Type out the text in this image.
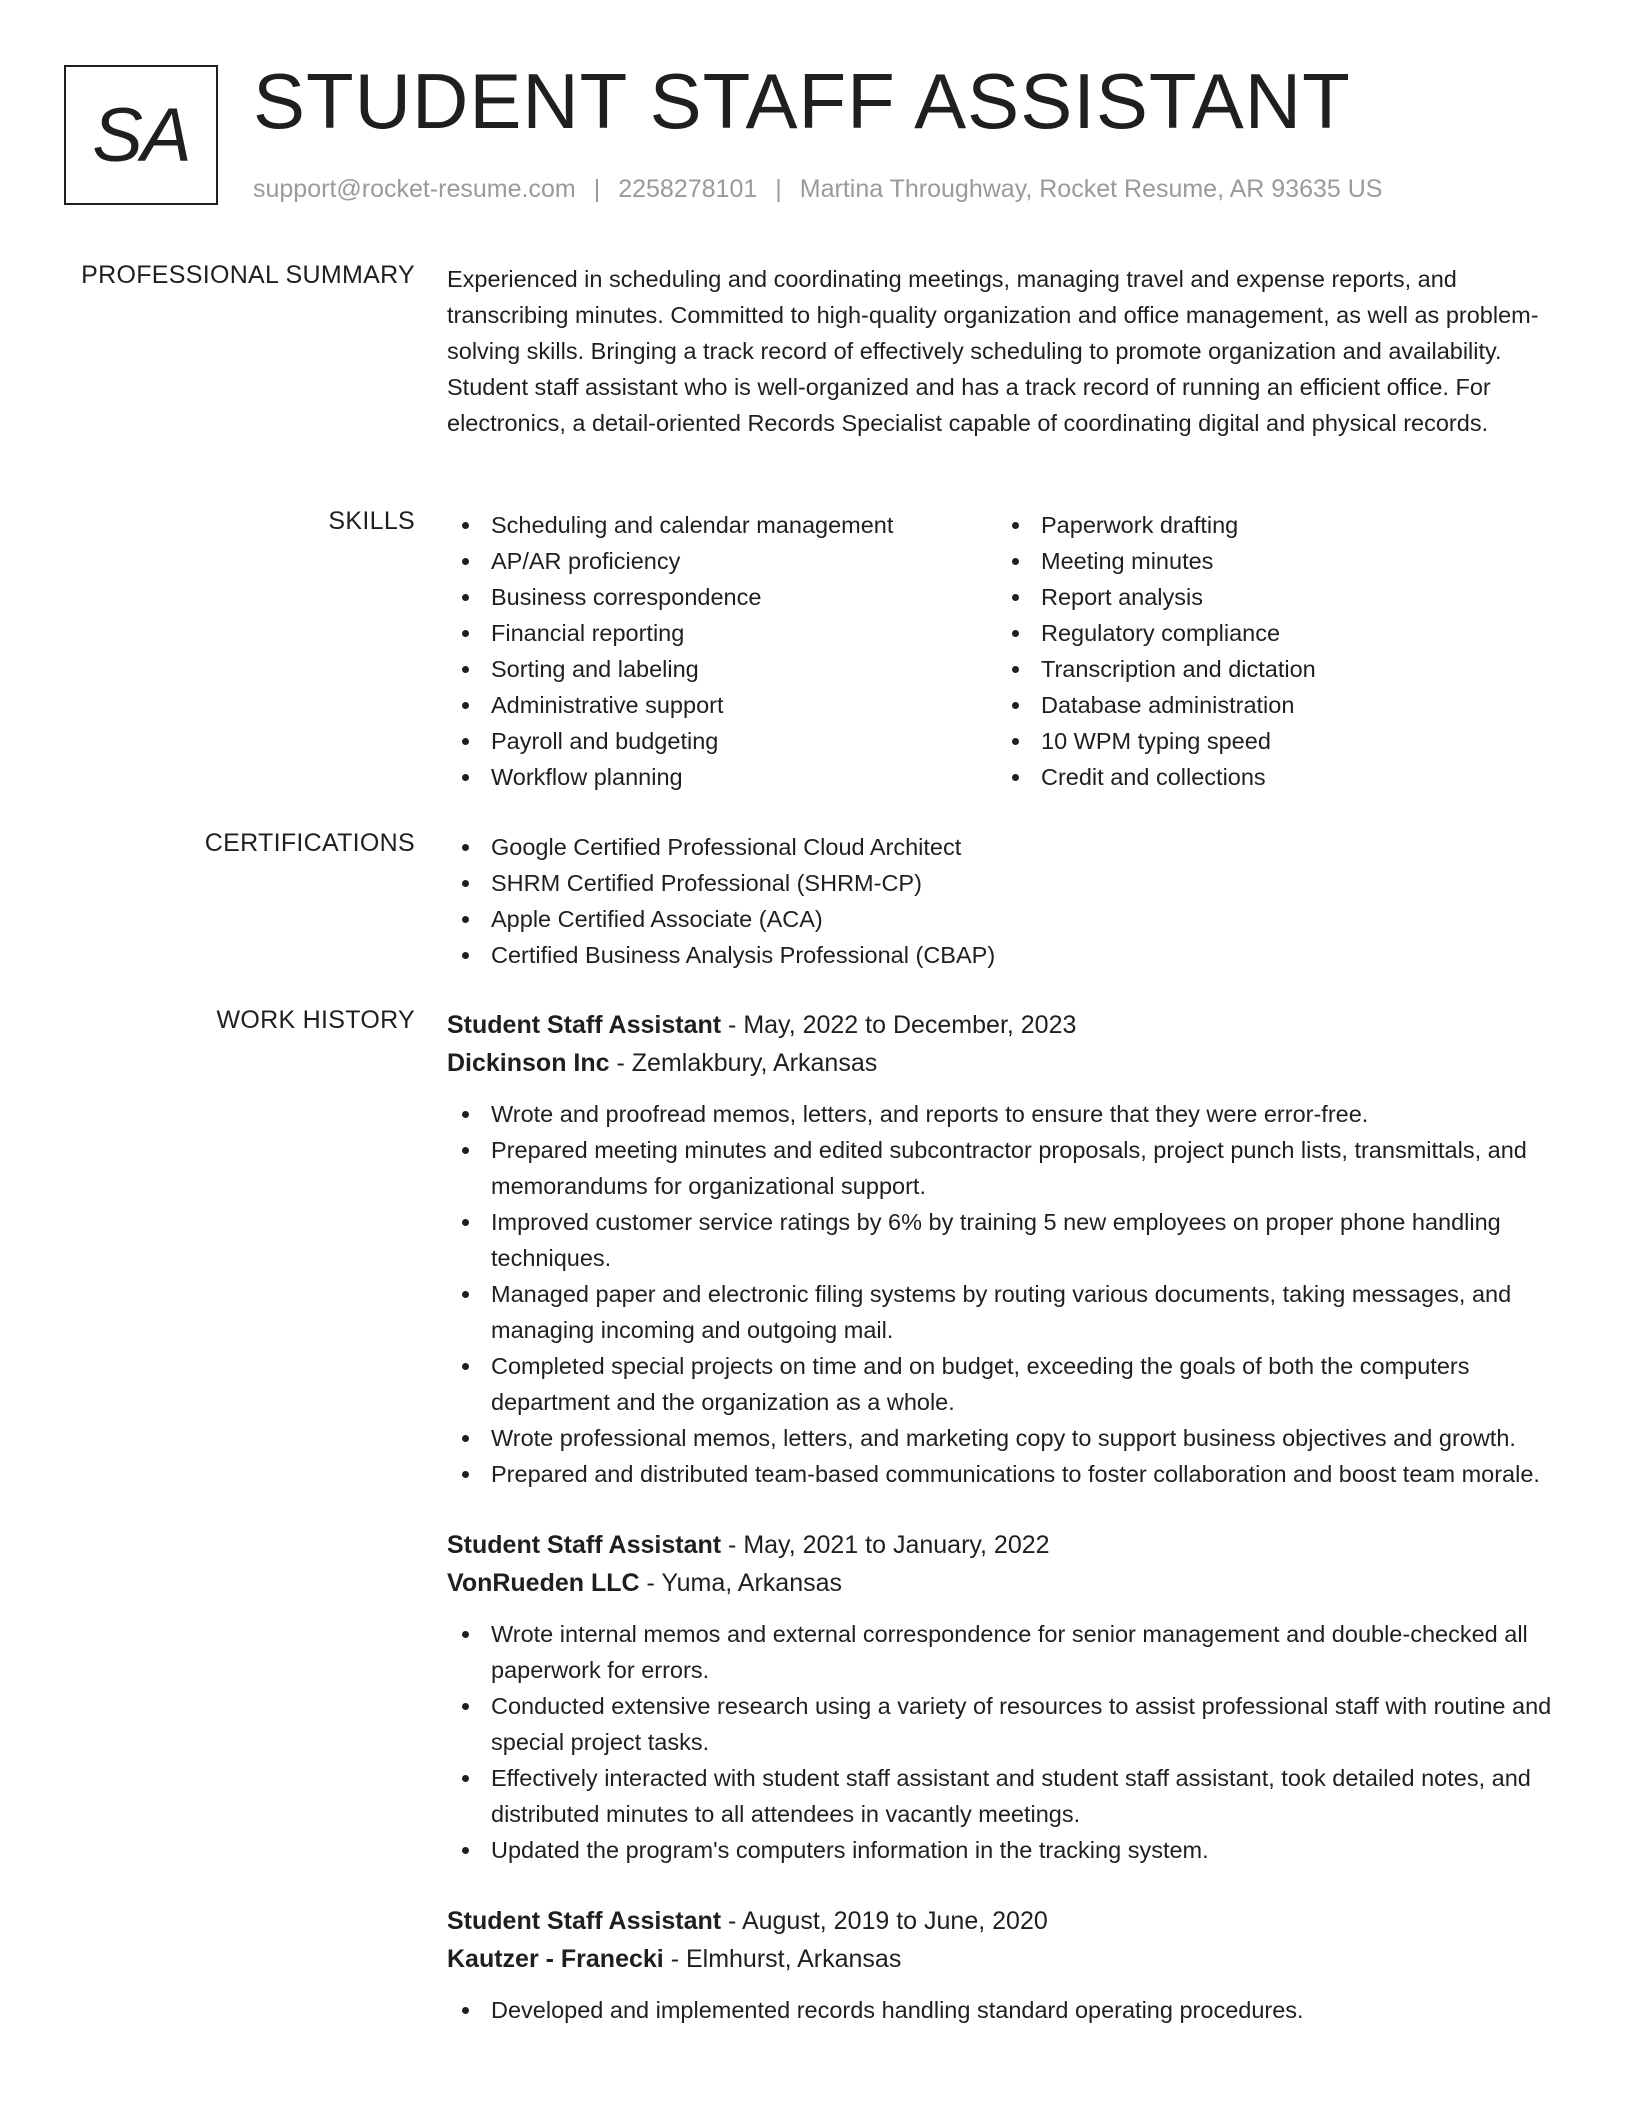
SA STUDENT STAFF ASSISTANT
support@rocket-resume.com | 2258278101 | Martina Throughway, Rocket Resume, AR 93635 US
PROFESSIONAL SUMMARY Experienced in scheduling and coordinating meetings, managing travel and expense reports, and transcribing minutes. Committed to high-quality organization and office management, as well as problem-solving skills. Bringing a track record of effectively scheduling to promote organization and availability. Student staff assistant who is well-organized and has a track record of running an efficient office. For electronics, a detail-oriented Records Specialist capable of coordinating digital and physical records.

SKILLS	Scheduling and calendar management
AP/AR proficiency
Business correspondence
Financial reporting
Sorting and labeling
Administrative support
Payroll and budgeting
Workflow planning
Paperwork drafting
Meeting minutes
Report analysis
Regulatory compliance
Transcription and dictation
Database administration
10 WPM typing speed
Credit and collections
CERTIFICATIONS	Google Certified Professional Cloud Architect
SHRM Certified Professional (SHRM-CP)
Apple Certified Associate (ACA)
Certified Business Analysis Professional (CBAP)
WORK HISTORY Student Staff Assistant - May, 2022 to December, 2023
Dickinson Inc - Zemlakbury, Arkansas
Wrote and proofread memos, letters, and reports to ensure that they were error-free.
Prepared meeting minutes and edited subcontractor proposals, project punch lists, transmittals, and memorandums for organizational support.
Improved customer service ratings by 6% by training 5 new employees on proper phone handling techniques.
Managed paper and electronic filing systems by routing various documents, taking messages, and managing incoming and outgoing mail.
Completed special projects on time and on budget, exceeding the goals of both the computers department and the organization as a whole.
Wrote professional memos, letters, and marketing copy to support business objectives and growth.
Prepared and distributed team-based communications to foster collaboration and boost team morale.
Student Staff Assistant - May, 2021 to January, 2022
VonRueden LLC - Yuma, Arkansas
Wrote internal memos and external correspondence for senior management and double-checked all paperwork for errors.
Conducted extensive research using a variety of resources to assist professional staff with routine and special project tasks.
Effectively interacted with student staff assistant and student staff assistant, took detailed notes, and distributed minutes to all attendees in vacantly meetings.
Updated the program's computers information in the tracking system.
Student Staff Assistant - August, 2019 to June, 2020
Kautzer - Franecki - Elmhurst, Arkansas
Developed and implemented records handling standard operating procedures.
